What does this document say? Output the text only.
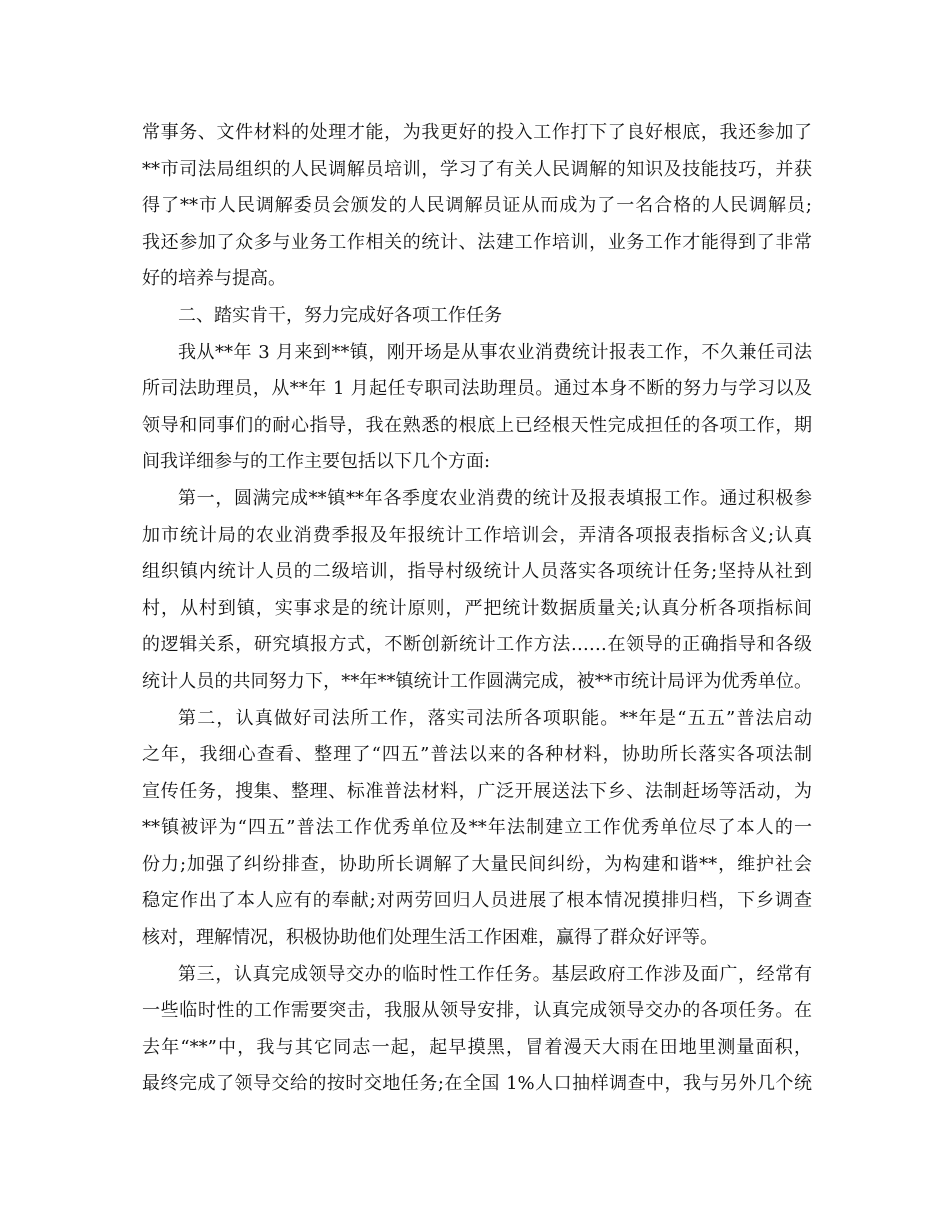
常事务、文件材料的处理才能，为我更好的投入工作打下了良好根底，我还参加了
**市司法局组织的人民调解员培训，学习了有关人民调解的知识及技能技巧，并获
得了**市人民调解委员会颁发的人民调解员证从而成为了一名合格的人民调解员;
我还参加了众多与业务工作相关的统计、法建工作培训，业务工作才能得到了非常
好的培养与提高。
二、踏实肯干，努力完成好各项工作任务
我从**年 3 月来到**镇，刚开场是从事农业消费统计报表工作，不久兼任司法
所司法助理员，从**年 1 月起任专职司法助理员。通过本身不断的努力与学习以及
领导和同事们的耐心指导，我在熟悉的根底上已经根天性完成担任的各项工作，期
间我详细参与的工作主要包括以下几个方面:
第一，圆满完成**镇**年各季度农业消费的统计及报表填报工作。通过积极参
加市统计局的农业消费季报及年报统计工作培训会，弄清各项报表指标含义;认真
组织镇内统计人员的二级培训，指导村级统计人员落实各项统计任务;坚持从社到
村，从村到镇，实事求是的统计原则，严把统计数据质量关;认真分析各项指标间
的逻辑关系，研究填报方式，不断创新统计工作方法……在领导的正确指导和各级
统计人员的共同努力下，**年**镇统计工作圆满完成，被**市统计局评为优秀单位。
第二，认真做好司法所工作，落实司法所各项职能。**年是“五五”普法启动
之年，我细心查看、整理了“四五”普法以来的各种材料，协助所长落实各项法制
宣传任务，搜集、整理、标准普法材料，广泛开展送法下乡、法制赶场等活动，为
**镇被评为“四五”普法工作优秀单位及**年法制建立工作优秀单位尽了本人的一
份力;加强了纠纷排查，协助所长调解了大量民间纠纷，为构建和谐**，维护社会
稳定作出了本人应有的奉献;对两劳回归人员进展了根本情况摸排归档，下乡调查
核对，理解情况，积极协助他们处理生活工作困难，赢得了群众好评等。
第三，认真完成领导交办的临时性工作任务。基层政府工作涉及面广，经常有
一些临时性的工作需要突击，我服从领导安排，认真完成领导交办的各项任务。在
去年“**”中，我与其它同志一起，起早摸黑，冒着漫天大雨在田地里测量面积，
最终完成了领导交给的按时交地任务;在全国 1%人口抽样调查中，我与另外几个统
